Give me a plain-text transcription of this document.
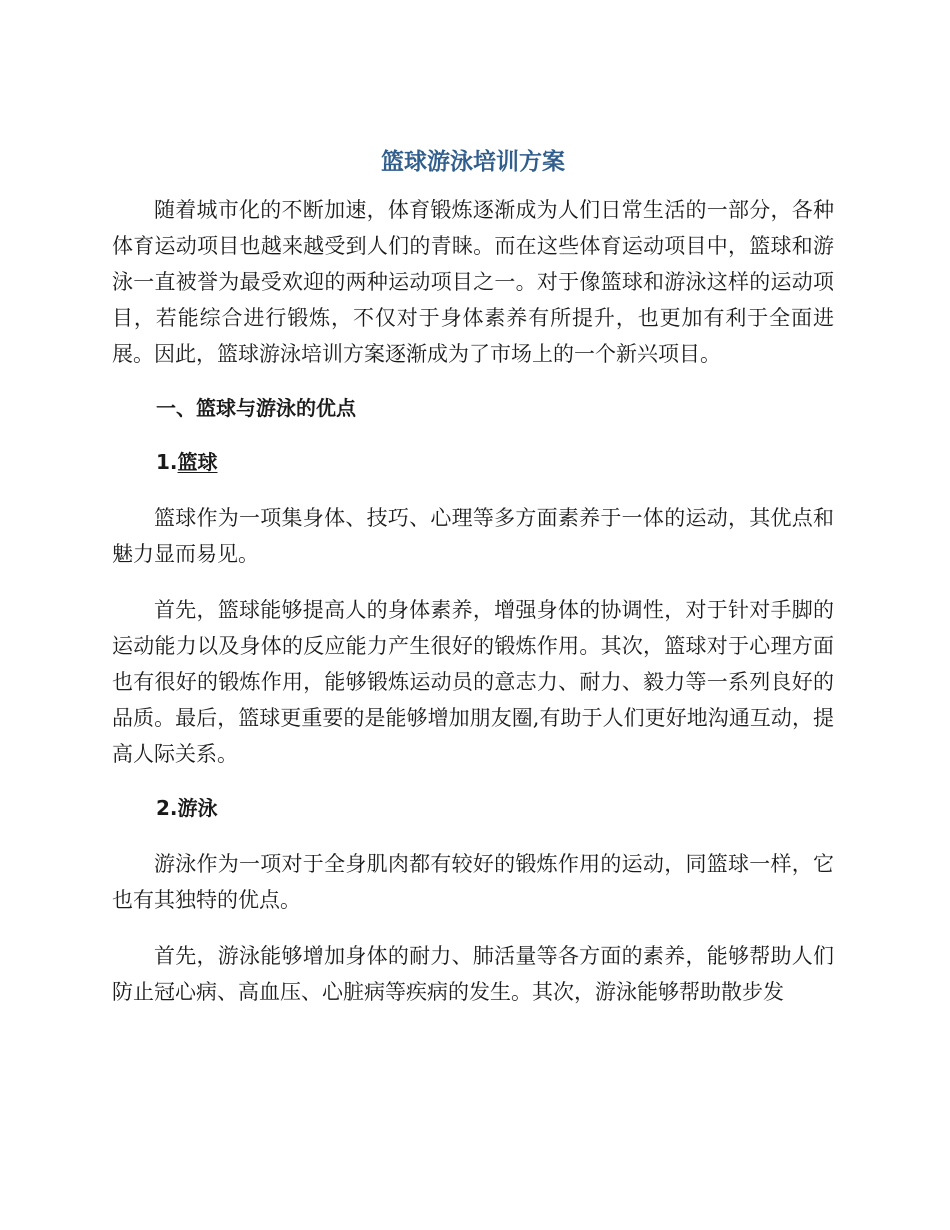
篮球游泳培训方案

随着城市化的不断加速，体育锻炼逐渐成为人们日常生活的一部分，各种体育运动项目也越来越受到人们的青睐。而在这些体育运动项目中，篮球和游泳一直被誉为最受欢迎的两种运动项目之一。对于像篮球和游泳这样的运动项目，若能综合进行锻炼，不仅对于身体素养有所提升，也更加有利于全面进展。因此，篮球游泳培训方案逐渐成为了市场上的一个新兴项目。

一、篮球与游泳的优点
1.篮球

篮球作为一项集身体、技巧、心理等多方面素养于一体的运动，其优点和魅力显而易见。

首先，篮球能够提高人的身体素养，增强身体的协调性，对于针对手脚的运动能力以及身体的反应能力产生很好的锻炼作用。其次，篮球对于心理方面也有很好的锻炼作用，能够锻炼运动员的意志力、耐力、毅力等一系列良好的品质。最后，篮球更重要的是能够增加朋友圈,有助于人们更好地沟通互动，提高人际关系。

2.游泳

游泳作为一项对于全身肌肉都有较好的锻炼作用的运动，同篮球一样，它也有其独特的优点。

首先，游泳能够增加身体的耐力、肺活量等各方面的素养，能够帮助人们防止冠心病、高血压、心脏病等疾病的发生。其次，游泳能够帮助散步发
